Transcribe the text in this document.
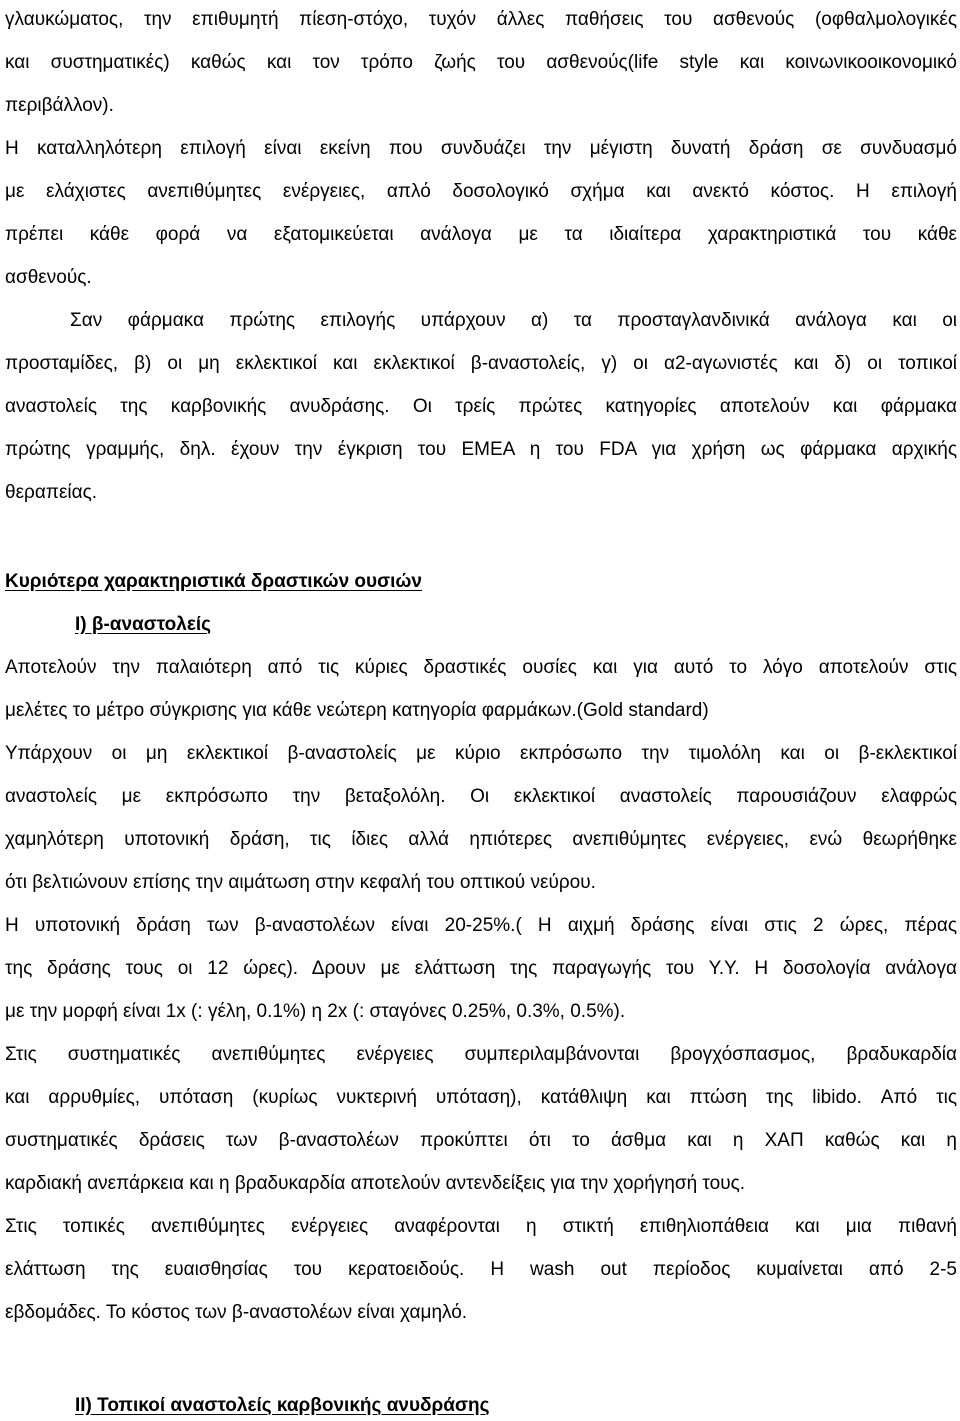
γλαυκώματος, την επιθυμητή πίεση-στόχο, τυχόν άλλες παθήσεις του ασθενούς (οφθαλμολογικές
και συστηματικές) καθώς και τον τρόπο ζωής του ασθενούς(life style και κοινωνικοοικονομικό
περιβάλλον).
Η καταλληλότερη επιλογή είναι εκείνη που συνδυάζει την μέγιστη δυνατή δράση σε συνδυασμό
με ελάχιστες ανεπιθύμητες ενέργειες, απλό δοσολογικό σχήμα και ανεκτό κόστος. Η επιλογή
πρέπει κάθε φορά να εξατομικεύεται ανάλογα με τα ιδιαίτερα χαρακτηριστικά του κάθε
ασθενούς.
Σαν φάρμακα πρώτης επιλογής υπάρχουν α) τα προσταγλανδινικά ανάλογα και οι
προσταμίδες, β) οι μη εκλεκτικοί και εκλεκτικοί β-αναστολείς, γ) οι α2-αγωνιστές και δ) οι τοπικοί
αναστολείς της καρβονικής ανυδράσης. Οι τρείς πρώτες κατηγορίες αποτελούν και φάρμακα
πρώτης γραμμής, δηλ. έχουν την έγκριση του ΕΜΕΑ η του FDA για χρήση ως φάρμακα αρχικής
θεραπείας.
Κυριότερα χαρακτηριστικά δραστικών ουσιών
Ι) β-αναστολείς
Αποτελούν την παλαιότερη από τις κύριες δραστικές ουσίες και για αυτό το λόγο αποτελούν στις
μελέτες το μέτρο σύγκρισης για κάθε νεώτερη κατηγορία φαρμάκων.(Gold standard)
Υπάρχουν οι μη εκλεκτικοί β-αναστολείς με κύριο εκπρόσωπο την τιμολόλη και οι β-εκλεκτικοί
αναστολείς με εκπρόσωπο την βεταξολόλη. Οι εκλεκτικοί αναστολείς παρουσιάζουν ελαφρώς
χαμηλότερη υποτονική δράση, τις ίδιες αλλά ηπιότερες ανεπιθύμητες ενέργειες, ενώ θεωρήθηκε
ότι βελτιώνουν επίσης την αιμάτωση στην κεφαλή του οπτικού νεύρου.
Η υποτονική δράση των β-αναστολέων είναι 20-25%.( Η αιχμή δράσης είναι στις 2 ώρες, πέρας
της δράσης τους οι 12 ώρες). Δρουν με ελάττωση της παραγωγής του Υ.Υ. Η δοσολογία ανάλογα
με την μορφή είναι 1x (: γέλη, 0.1%) η 2x (: σταγόνες 0.25%, 0.3%, 0.5%).
Στις συστηματικές ανεπιθύμητες ενέργειες συμπεριλαμβάνονται βρογχόσπασμος, βραδυκαρδία
και αρρυθμίες, υπόταση (κυρίως νυκτερινή υπόταση), κατάθλιψη και πτώση της libido. Από τις
συστηματικές δράσεις των β-αναστολέων προκύπτει ότι το άσθμα και η ΧΑΠ καθώς και η
καρδιακή ανεπάρκεια και η βραδυκαρδία αποτελούν αντενδείξεις για την χορήγησή τους.
Στις τοπικές ανεπιθύμητες ενέργειες αναφέρονται η στικτή επιθηλιοπάθεια και μια πιθανή
ελάττωση της ευαισθησίας του κερατοειδούς. Η wash out περίοδος κυμαίνεται από 2-5
εβδομάδες. Το κόστος των β-αναστολέων είναι χαμηλό.
ΙΙ) Τοπικοί αναστολείς καρβονικής ανυδράσης
